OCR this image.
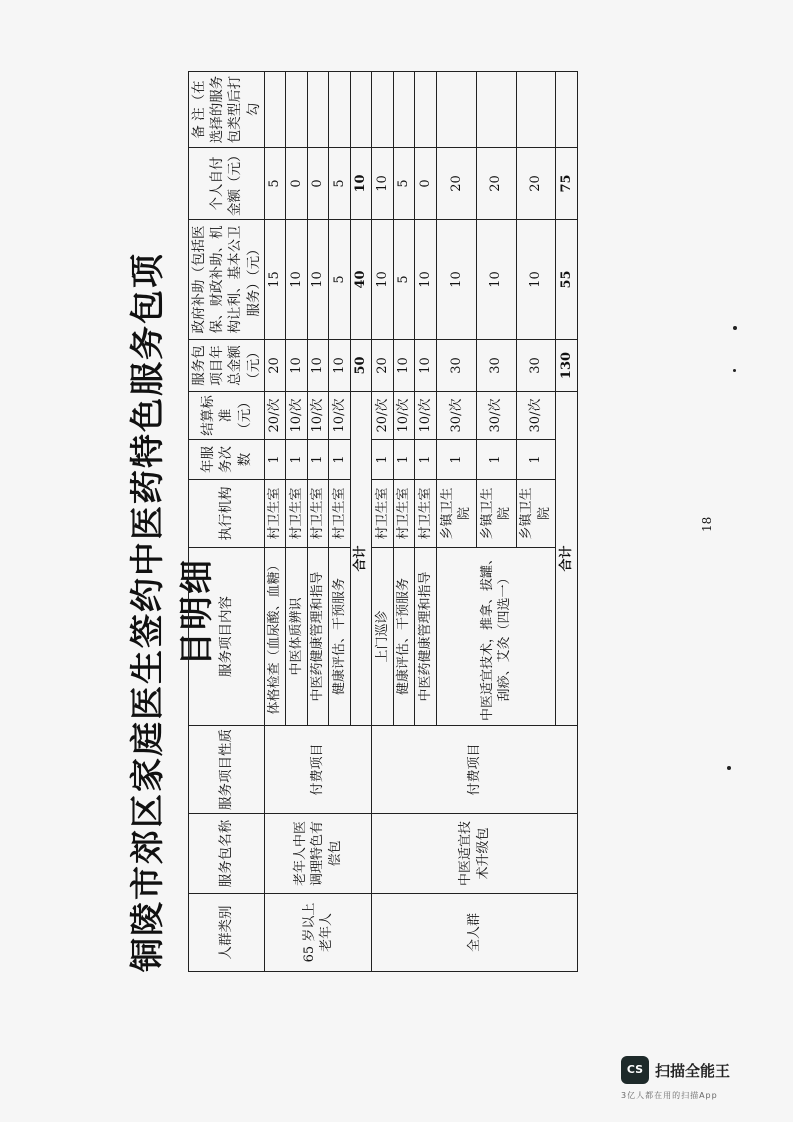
铜陵市郊区家庭医生签约中医药特色服务包项目明细
人群类别	服务包名称	服务项目性质	服务项目内容	执行机构	年服务次数	结算标准（元）	服务包项目年总金额（元）	政府补助（包括医保、财政补助、机构让利、基本公卫服务）（元）	个人自付金额（元）	备 注（在选择的服务包类型后打勾
65 岁以上老年人	老年人中医调理特色有偿包	付费项目	体格检查（血尿酸、血糖）	村卫生室	1	20/次	20	15	5	
			中医体质辨识	村卫生室	1	10/次	10	10	0	
			中医药健康管理和指导	村卫生室	1	10/次	10	10	0	
			健康评估、干预服务	村卫生室	1	10/次	10	5	5	
			合计				50	40	10	
全人群	中医适宜技术升级包	付费项目	上门巡诊	村卫生室	1	20/次	20	10	10	
			健康评估、干预服务	村卫生室	1	10/次	10	5	5	
			中医药健康管理和指导	村卫生室	1	10/次	10	10	0	
			中医适宜技术，推拿、拔罐、刮痧、艾灸（四选一）	乡镇卫生院	1	30/次	30	10	20	
				乡镇卫生院	1	30/次	30	10	20	
				乡镇卫生院	1	30/次	30	10	20	
			合计				130	55	75	
18
CS 扫描全能王
3亿人都在用的扫描App
